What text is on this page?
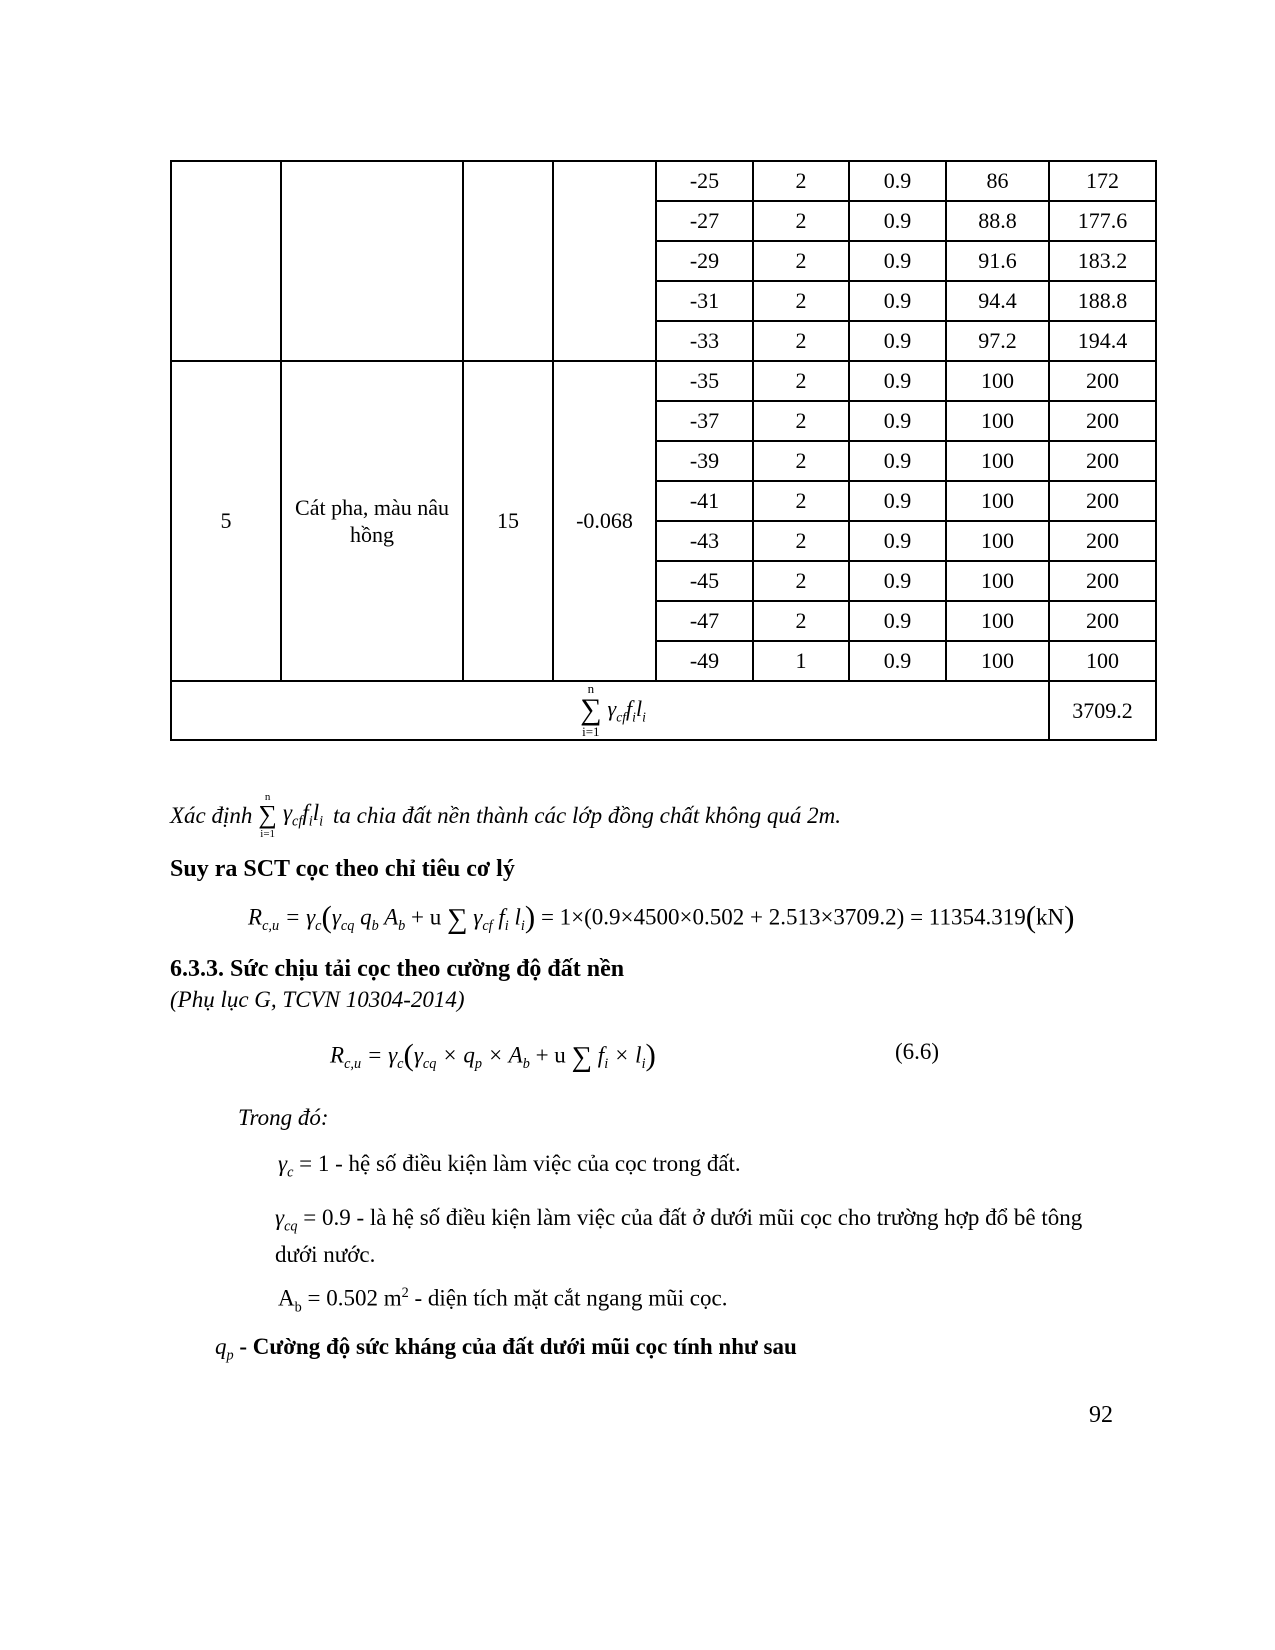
				-25	2	0.9	86	172
				-27	2	0.9	88.8	177.6
				-29	2	0.9	91.6	183.2
				-31	2	0.9	94.4	188.8
				-33	2	0.9	97.2	194.4
5	Cát pha, màu nâu hồng	15	-0.068	-35	2	0.9	100	200
				-37	2	0.9	100	200
				-39	2	0.9	100	200
				-41	2	0.9	100	200
				-43	2	0.9	100	200
				-45	2	0.9	100	200
				-47	2	0.9	100	200
				-49	1	0.9	100	100

n
∑
i=1
$\gamma_{cf}f_il_i$								3709.2

Xác định
n
∑
i=1
$\gamma_{cf}f_il_i$ ta chia đất nền thành các lớp đồng chất không quá 2m.

Suy ra SCT cọc theo chỉ tiêu cơ lý

$R_{c,u} = \gamma_c(\gamma_{cq}$ $q_b$ $A_b + u$ ∑ $\gamma_{cf}$ $f_i$ $l_i) = 1\times(0.9\times 4500\times 0.502 + 2.513\times 3709.2) = 11354.319(kN)$

6.3.3. Sức chịu tải cọc theo cường độ đất nền

(Phụ lục G, TCVN 10304-2014)

$R_{c,u} = \gamma_c(\gamma_{cq} \times q_p \times A_b + u$ ∑ $f_i \times l_i$)	(6.6)

Trong đó:

$\gamma_c = 1$ - hệ số điều kiện làm việc của cọc trong đất.

$\gamma_{cq} = 0.9$ - là hệ số điều kiện làm việc của đất ở dưới mũi cọc cho trường hợp đổ bê tông dưới nước.

$A_b = 0.502$ $m^2$ - diện tích mặt cắt ngang mũi cọc.

$q_p$ - Cường độ sức kháng của đất dưới mũi cọc tính như sau

92
